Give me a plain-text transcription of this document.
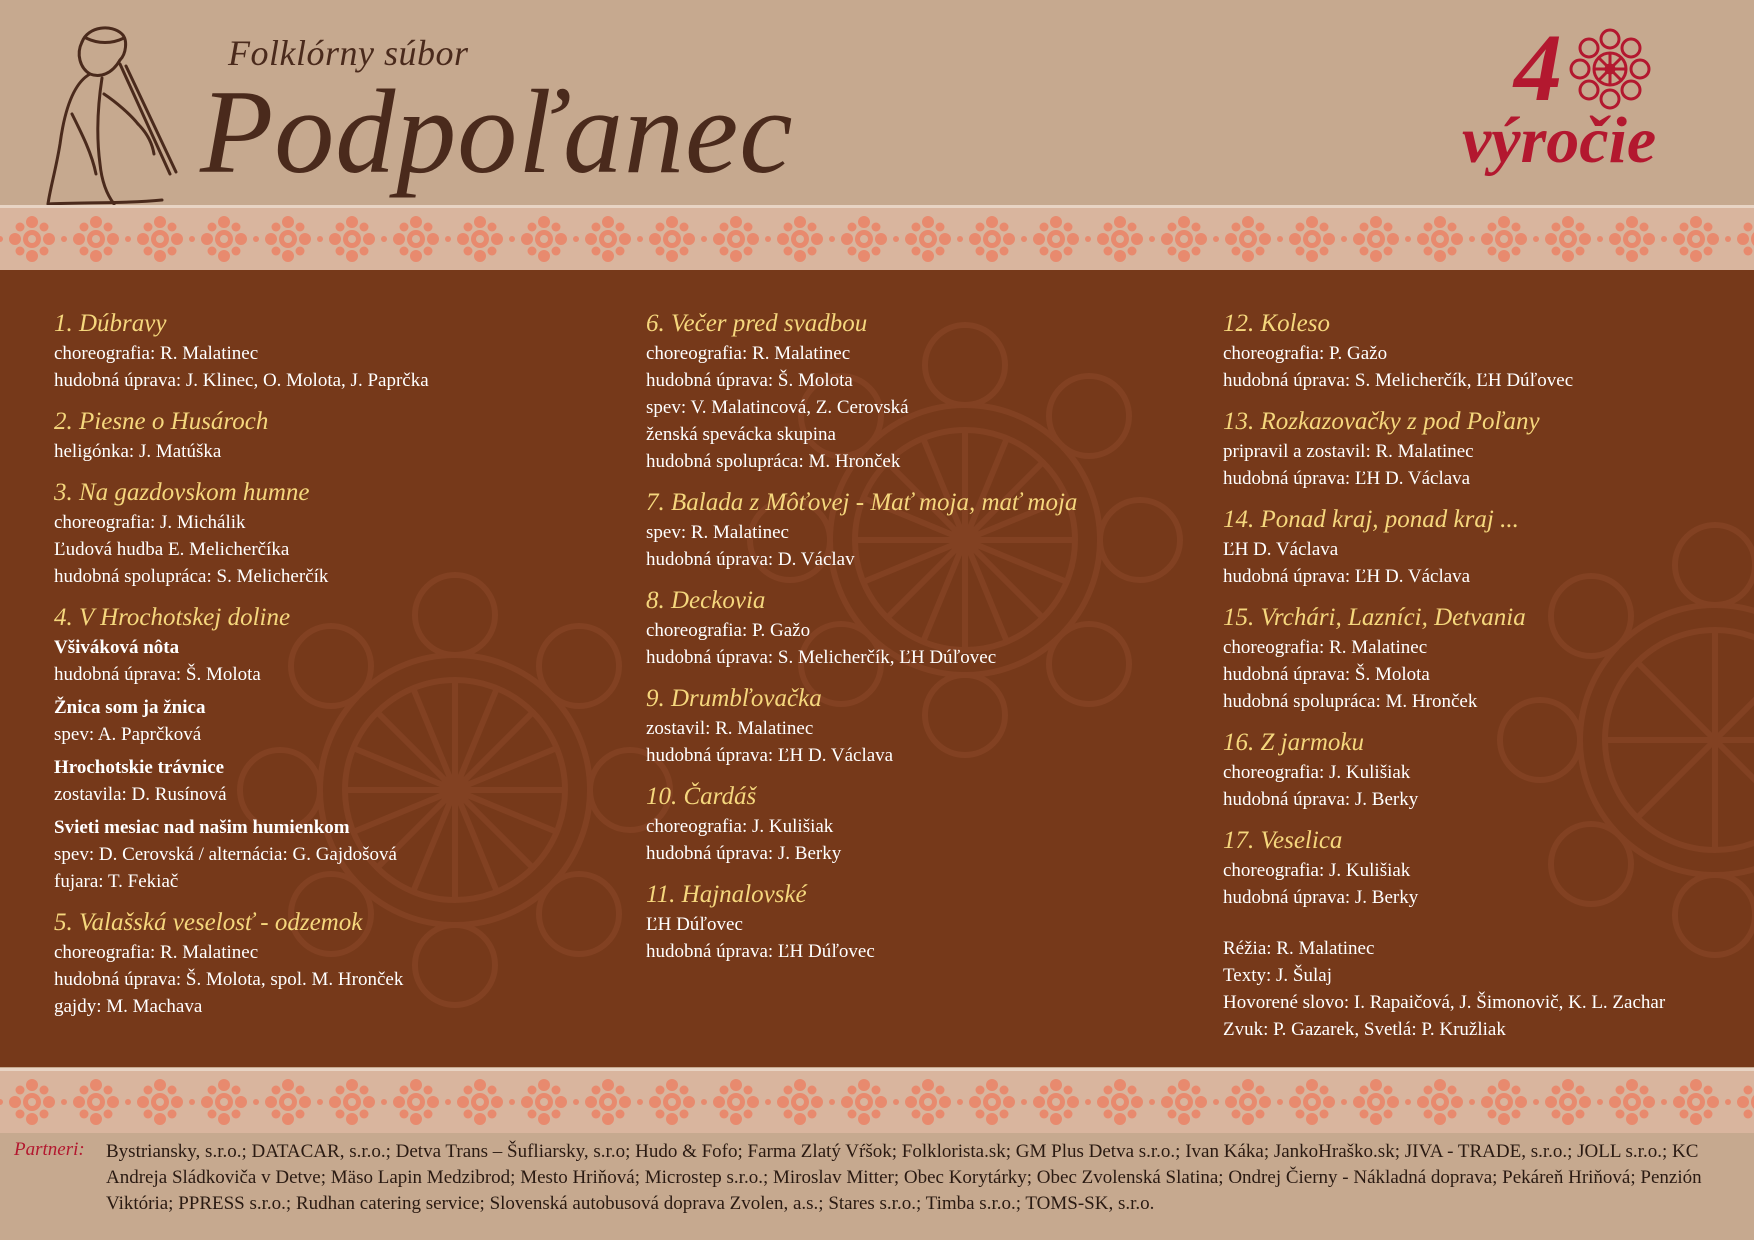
Folklórny súbor
Podpoľanec	4
výročie
1. Dúbravy
choreografia: R. Malatinec
hudobná úprava: J. Klinec, O. Molota, J. Paprčka
2. Piesne o Husároch
heligónka: J. Matúška
3. Na gazdovskom humne
choreografia: J. Michálik
Ľudová hudba E. Melicherčíka
hudobná spolupráca: S. Melicherčík
4. V Hrochotskej doline
Všiváková nôta
hudobná úprava: Š. Molota
Žnica som ja žnica
spev: A. Paprčková
Hrochotskie trávnice
zostavila: D. Rusínová
Svieti mesiac nad našim humienkom
spev: D. Cerovská / alternácia: G. Gajdošová
fujara: T. Fekiač
5. Valašská veselosť - odzemok
choreografia: R. Malatinec
hudobná úprava: Š. Molota, spol. M. Hronček
gajdy: M. Machava
6. Večer pred svadbou
choreografia: R. Malatinec
hudobná úprava: Š. Molota
spev: V. Malatincová, Z. Cerovská
ženská spevácka skupina
hudobná spolupráca: M. Hronček
7. Balada z Môťovej - Mať moja, mať moja
spev: R. Malatinec
hudobná úprava: D. Václav
8. Deckovia
choreografia: P. Gažo
hudobná úprava: S. Melicherčík, ĽH Dúľovec
9. Drumbľovačka
zostavil: R. Malatinec
hudobná úprava: ĽH D. Václava
10. Čardáš
choreografia: J. Kulišiak
hudobná úprava: J. Berky
11. Hajnalovské
ĽH Dúľovec
hudobná úprava: ĽH Dúľovec
12. Koleso
choreografia: P. Gažo
hudobná úprava: S. Melicherčík, ĽH Dúľovec
13. Rozkazovačky z pod Poľany
pripravil a zostavil: R. Malatinec
hudobná úprava: ĽH D. Václava
14. Ponad kraj, ponad kraj ...
ĽH D. Václava
hudobná úprava: ĽH D. Václava
15. Vrchári, Lazníci, Detvania
choreografia: R. Malatinec
hudobná úprava: Š. Molota
hudobná spolupráca: M. Hronček
16. Z jarmoku
choreografia: J. Kulišiak
hudobná úprava: J. Berky
17. Veselica
choreografia: J. Kulišiak
hudobná úprava: J. Berky
Réžia: R. Malatinec
Texty: J. Šulaj
Hovorené slovo: I. Rapaičová, J. Šimonovič, K. L. Zachar
Zvuk: P. Gazarek, Svetlá: P. Kružliak
Partneri: Bystriansky, s.r.o.; DATACAR, s.r.o.; Detva Trans – Šufliarsky, s.r.o; Hudo & Fofo; Farma Zlatý Vŕšok; Folklorista.sk; GM Plus Detva s.r.o.; Ivan Káka; JankoHraško.sk; JIVA - TRADE, s.r.o.; JOLL s.r.o.; KC Andreja Sládkoviča v Detve; Mäso Lapin Medzibrod; Mesto Hriňová; Microstep s.r.o.; Miroslav Mitter; Obec Korytárky; Obec Zvolenská Slatina; Ondrej Čierny - Nákladná doprava; Pekáreň Hriňová; Penzión Viktória; PPRESS s.r.o.; Rudhan catering service; Slovenská autobusová doprava Zvolen, a.s.; Stares s.r.o.; Timba s.r.o.; TOMS-SK, s.r.o.
